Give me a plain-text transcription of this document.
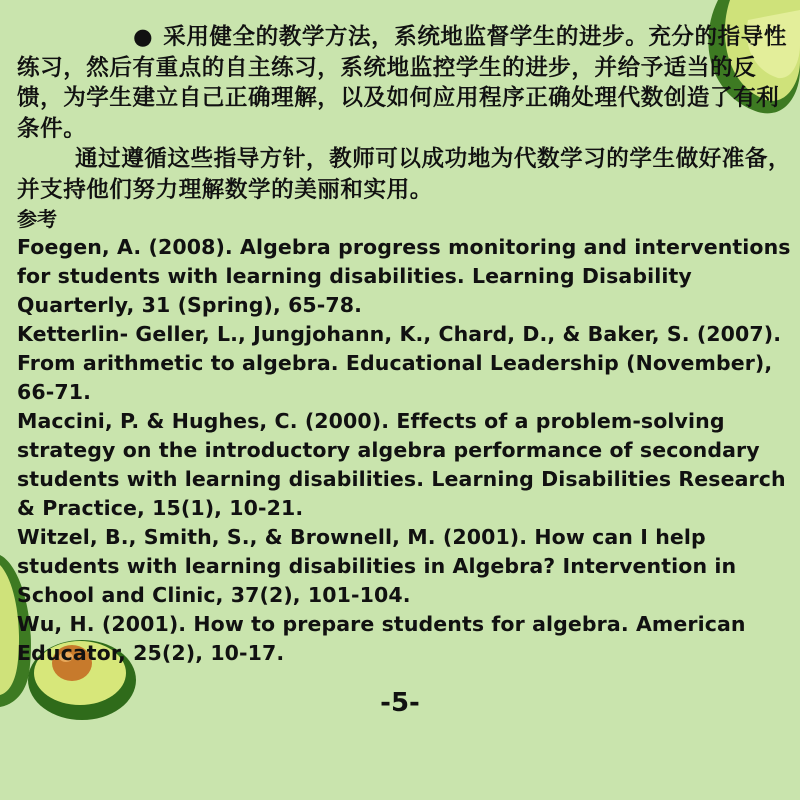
● 采用健全的教学方法，系统地监督学生的进步。充分的指导性练习，然后有重点的自主练习，系统地监控学生的进步，并给予适当的反馈，为学生建立自己正确理解，以及如何应用程序正确处理代数创造了有利条件。

通过遵循这些指导方针，教师可以成功地为代数学习的学生做好准备，并支持他们努力理解数学的美丽和实用。

参考

Foegen, A. (2008). Algebra progress monitoring and interventions for students with learning disabilities. Learning Disability Quarterly, 31 (Spring), 65-78.

Ketterlin- Geller, L., Jungjohann, K., Chard, D., & Baker, S. (2007). From arithmetic to algebra. Educational Leadership (November), 66-71.

Maccini, P. & Hughes, C. (2000). Effects of a problem-solving strategy on the introductory algebra performance of secondary students with learning disabilities. Learning Disabilities Research & Practice, 15(1), 10-21.

Witzel, B., Smith, S., & Brownell, M. (2001). How can I help students with learning disabilities in Algebra? Intervention in School and Clinic, 37(2), 101-104.

Wu, H. (2001). How to prepare students for algebra. American Educator, 25(2), 10-17.

-5-
